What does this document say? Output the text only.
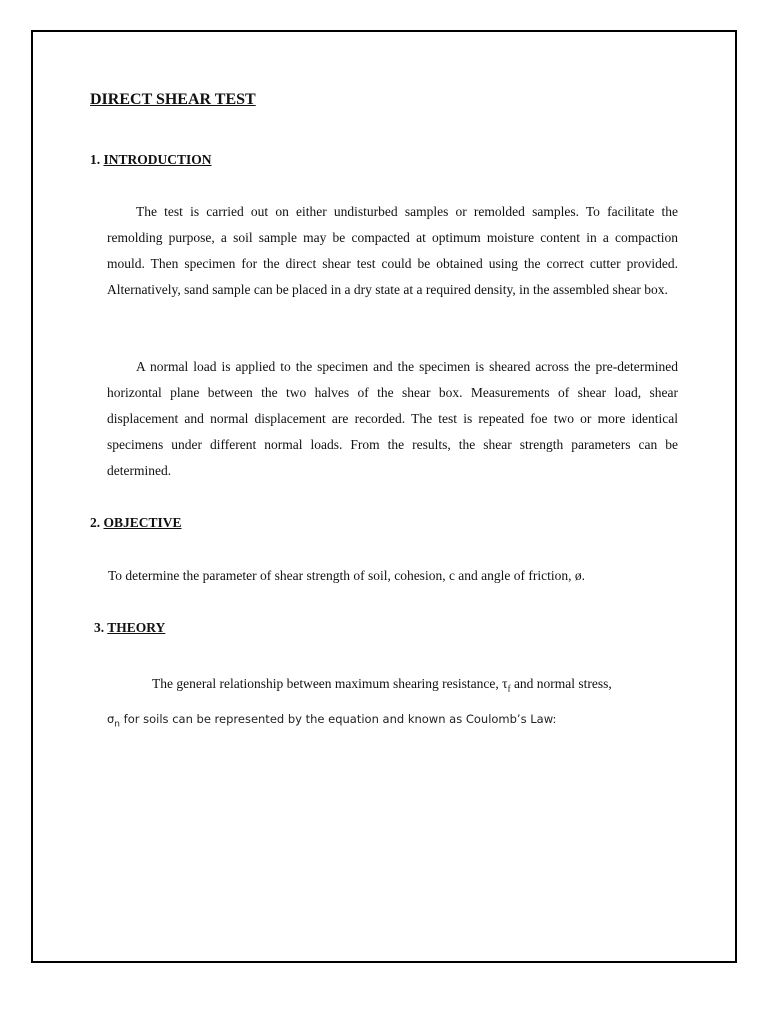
DIRECT SHEAR TEST
1. INTRODUCTION

The test is carried out on either undisturbed samples or remolded samples. To facilitate the remolding purpose, a soil sample may be compacted at optimum moisture content in a compaction mould. Then specimen for the direct shear test could be obtained using the correct cutter provided. Alternatively, sand sample can be placed in a dry state at a required density, in the assembled shear box.

A normal load is applied to the specimen and the specimen is sheared across the pre-determined horizontal plane between the two halves of the shear box. Measurements of shear load, shear displacement and normal displacement are recorded. The test is repeated foe two or more identical specimens under different normal loads. From the results, the shear strength parameters can be determined.

2. OBJECTIVE

To determine the parameter of shear strength of soil, cohesion, c and angle of friction, ø.

3. THEORY

The general relationship between maximum shearing resistance, $\tau_f$ and normal stress,

$\sigma_n$ for soils can be represented by the equation and known as Coulomb’s Law:
